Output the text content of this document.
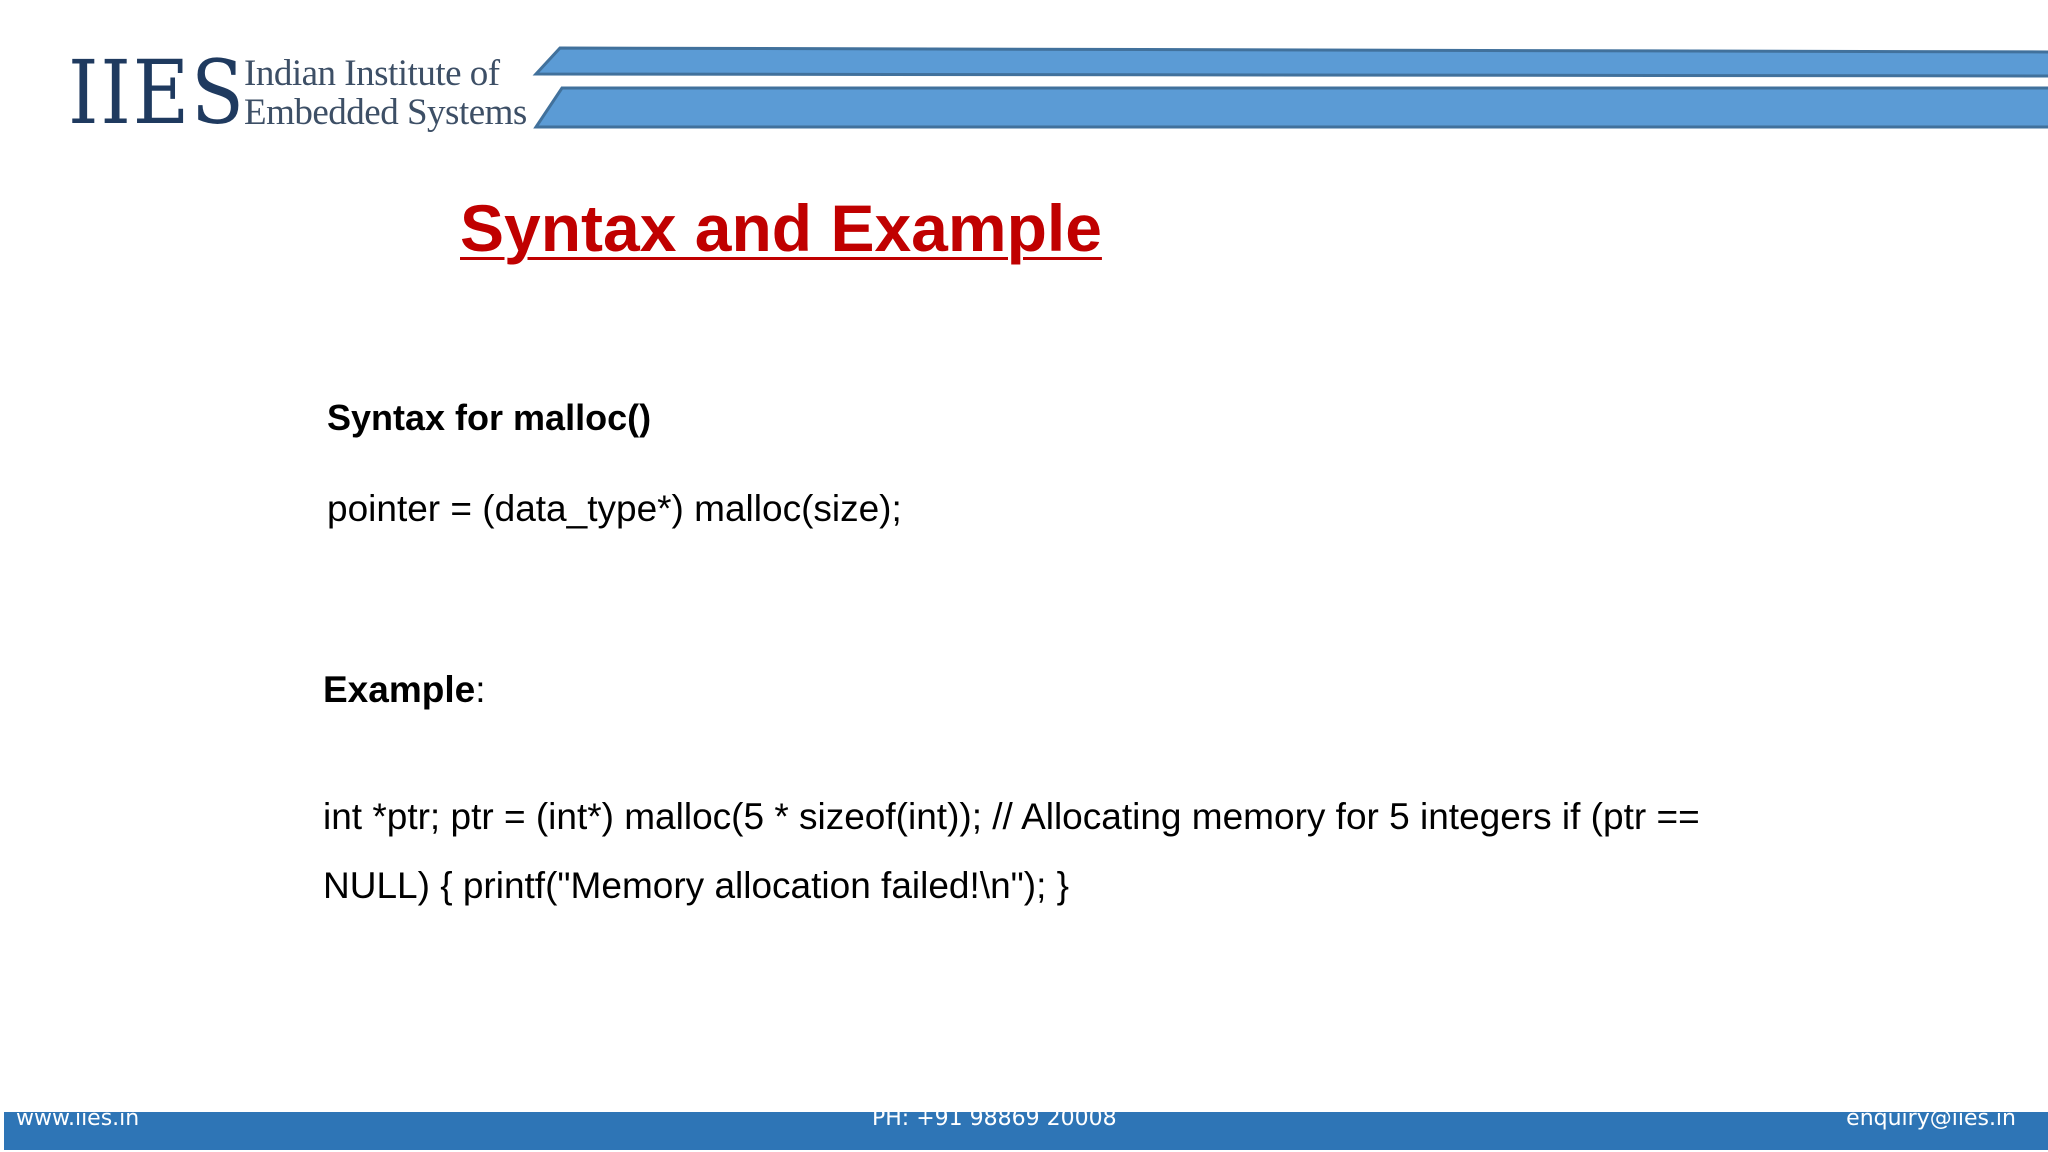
IIES
Indian Institute of
Embedded Systems
Syntax and Example
Syntax for malloc()
pointer = (data_type*) malloc(size);
Example:
int *ptr; ptr = (int*) malloc(5 * sizeof(int)); // Allocating memory for 5 integers if (ptr ==
NULL) { printf("Memory allocation failed!\n"); }
www.iies.in	PH: +91 98869 20008	enquiry@iies.in
